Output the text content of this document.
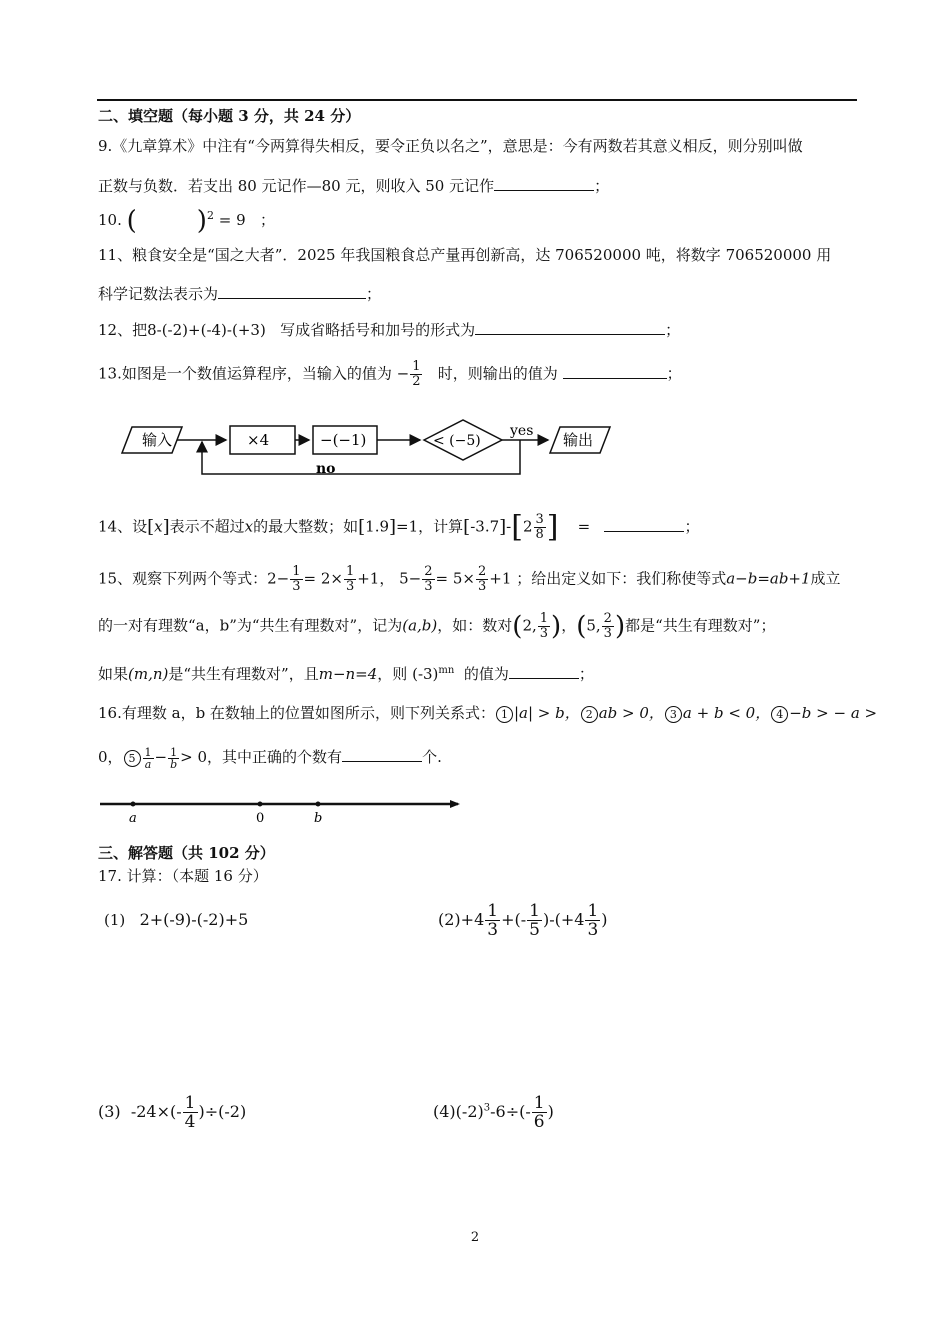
二、填空题（每小题 3 分，共 24 分）
9.《九章算术》中注有“今两算得失相反，要令正负以名之”，意思是：今有两数若其意义相反，则分别叫做
正数与负数．若支出 80 元记作—80 元，则收入 50 元记作	；
10. ( )$^2$ = 9 ；
11、粮食安全是“国之大者”．2025 年我国粮食总产量再创新高，达 706520000 吨，将数字 706520000 用
科学记数法表示为	；
12、把8-(-2)+(-4)-(+3) 写成省略括号和加号的形式为	；
13.如图是一个数值运算程序，当输入的值为 − $\frac{1}{2}$ 时，则输出的值为	；
输入	×4	−(−1)	< (−5)
yes 输出
no
14、设[x]表示不超过x的最大整数；如[1.9]=1，计算$[-3.7]-[2 \frac{3}{8}$ ] =	；
15、观察下列两个等式：$2- \frac{1}{3} = 2\times \frac{1}{3} +1$， $5- \frac{2}{3} = 5\times \frac{2}{3} +1$ ；给出定义如下：我们称使等式a−b=ab+1成立
的一对有理数“a，b”为“共生有理数对”，记为(a,b)，如：数对(2, $\frac{1}{3}$ )，(5, $\frac{2}{3}$ )都是“共生有理数对”；
如果(m,n)是“共生有理数对”，且m−n=4，则 $(-3)^{mn}$ 的值为	；
16.有理数 a，b 在数轴上的位置如图所示，则下列关系式： 1 |a| > b， 2 ab > 0， 3 a + b < 0， 4 −b > − a >
0， $5 \frac{1}{a} - \frac{1}{b} > 0$，其中正确的个数有	个.
a	0	b
三、解答题（共 102 分）
17. 计算：（本题 16 分）
(1) 2+(-9)-(-2)+5	$(2)+4 \frac{1}{3}$ +(- $\frac{1}{5} )-(+4 \frac{1}{3}$ )
(3) $-24\times(- \frac{1}{4} )\div(-2)$	$(4)(-2)^3-6\div(- \frac{1}{6}$ )
2
